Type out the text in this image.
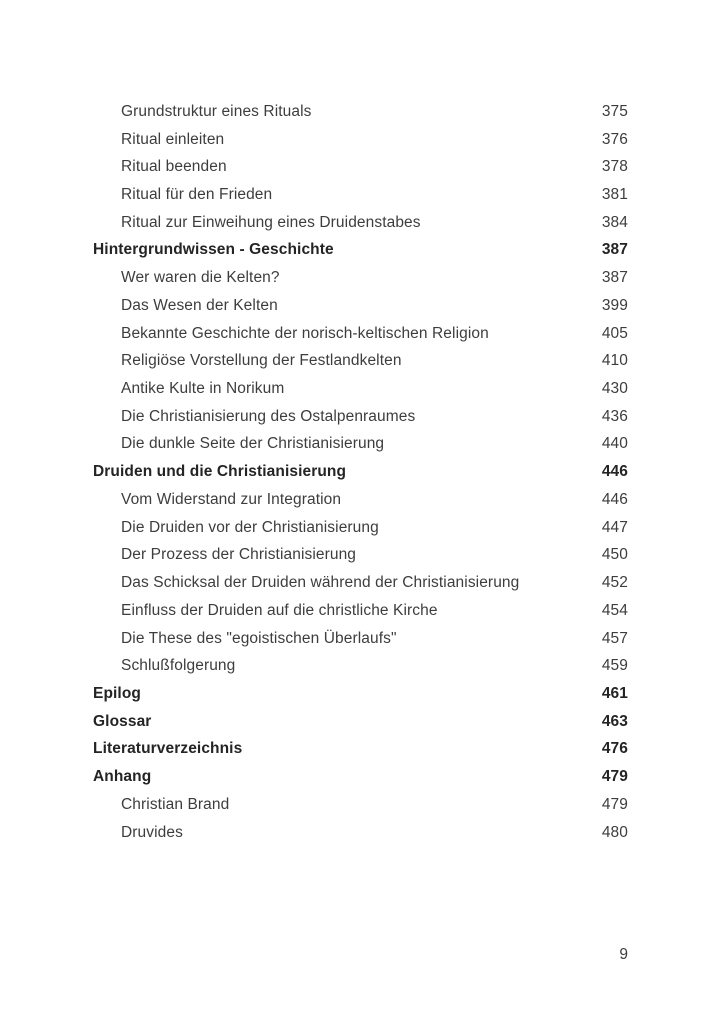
Grundstruktur eines Rituals	375
Ritual einleiten	376
Ritual beenden	378
Ritual für den Frieden	381
Ritual zur Einweihung eines Druidenstabes	384
Hintergrundwissen - Geschichte	387
Wer waren die Kelten?	387
Das Wesen der Kelten	399
Bekannte Geschichte der norisch-keltischen Religion	405
Religiöse Vorstellung der Festlandkelten	410
Antike Kulte in Norikum	430
Die Christianisierung des Ostalpenraumes	436
Die dunkle Seite der Christianisierung	440
Druiden und die Christianisierung	446
Vom Widerstand zur Integration	446
Die Druiden vor der Christianisierung	447
Der Prozess der Christianisierung	450
Das Schicksal der Druiden während der Christianisierung	452
Einfluss der Druiden auf die christliche Kirche	454
Die These des "egoistischen Überlaufs"	457
Schlußfolgerung	459
Epilog	461
Glossar	463
Literaturverzeichnis	476
Anhang	479
Christian Brand	479
Druvides	480
9
